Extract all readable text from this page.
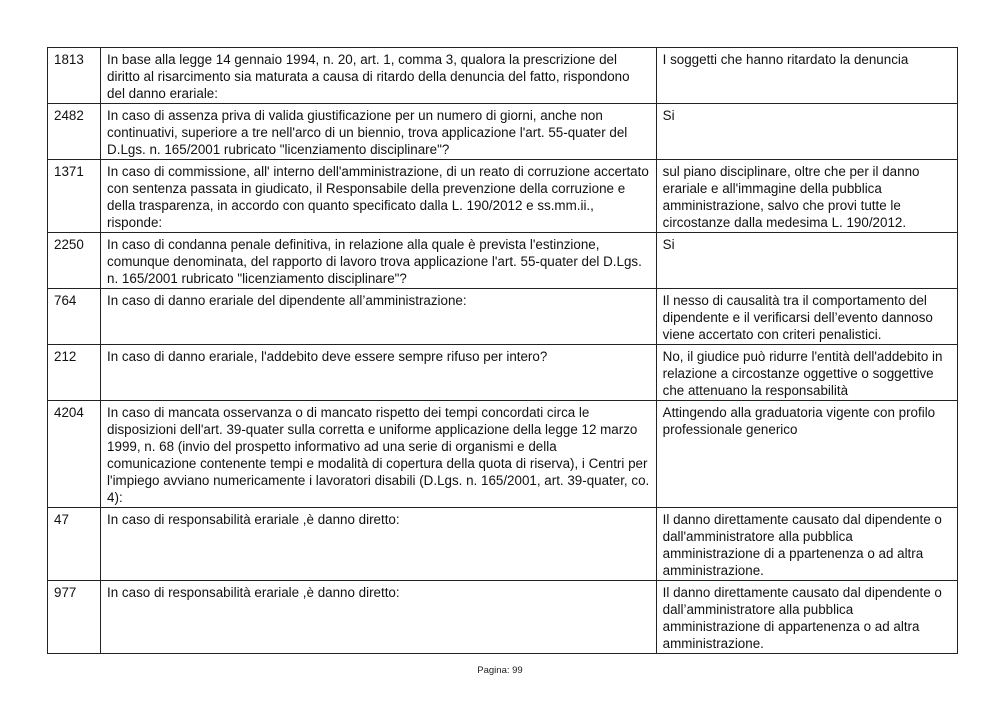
1813	In base alla legge 14 gennaio 1994, n. 20, art. 1, comma 3, qualora la prescrizione del diritto al risarcimento sia maturata a causa di ritardo della denuncia del fatto, rispondono del danno erariale:	I soggetti che hanno ritardato la denuncia
2482	In caso di assenza priva di valida giustificazione per un numero di giorni, anche non continuativi, superiore a tre nell'arco di un biennio, trova applicazione l'art. 55-quater del D.Lgs. n. 165/2001 rubricato "licenziamento disciplinare"?	Si
1371	In caso di commissione, all' interno dell'amministrazione, di un reato di corruzione accertato con sentenza passata in giudicato, il Responsabile della prevenzione della corruzione e della trasparenza, in accordo con quanto specificato dalla L. 190/2012 e ss.mm.ii., risponde:	sul piano disciplinare, oltre che per il danno erariale e all'immagine della pubblica amministrazione, salvo che provi tutte le circostanze dalla medesima L. 190/2012.
2250	In caso di condanna penale definitiva, in relazione alla quale è prevista l'estinzione, comunque denominata, del rapporto di lavoro trova applicazione l'art. 55-quater del D.Lgs. n. 165/2001 rubricato "licenziamento disciplinare"?	Si
764	In caso di danno erariale del dipendente all’amministrazione:	Il nesso di causalità tra il comportamento del dipendente e il verificarsi dell’evento dannoso viene accertato con criteri penalistici.
212	In caso di danno erariale, l'addebito deve essere sempre rifuso per intero?	No, il giudice può ridurre l'entità dell'addebito in relazione a circostanze oggettive o soggettive che attenuano la responsabilità
4204	In caso di mancata osservanza o di mancato rispetto dei tempi concordati circa le disposizioni dell'art. 39-quater sulla corretta e uniforme applicazione della legge 12 marzo 1999, n. 68 (invio del prospetto informativo ad una serie di organismi e della comunicazione contenente tempi e modalità di copertura della quota di riserva), i Centri per l'impiego avviano numericamente i lavoratori disabili (D.Lgs. n. 165/2001, art. 39-quater, co. 4):	Attingendo alla graduatoria vigente con profilo professionale generico
47	In caso di responsabilità erariale ,è danno diretto:	Il danno direttamente causato dal dipendente o dall'amministratore alla pubblica amministrazione di a ppartenenza o ad altra amministrazione.
977	In caso di responsabilità erariale ,è danno diretto:	Il danno direttamente causato dal dipendente o dall’amministratore alla pubblica amministrazione di appartenenza o ad altra amministrazione.
Pagina: 99
